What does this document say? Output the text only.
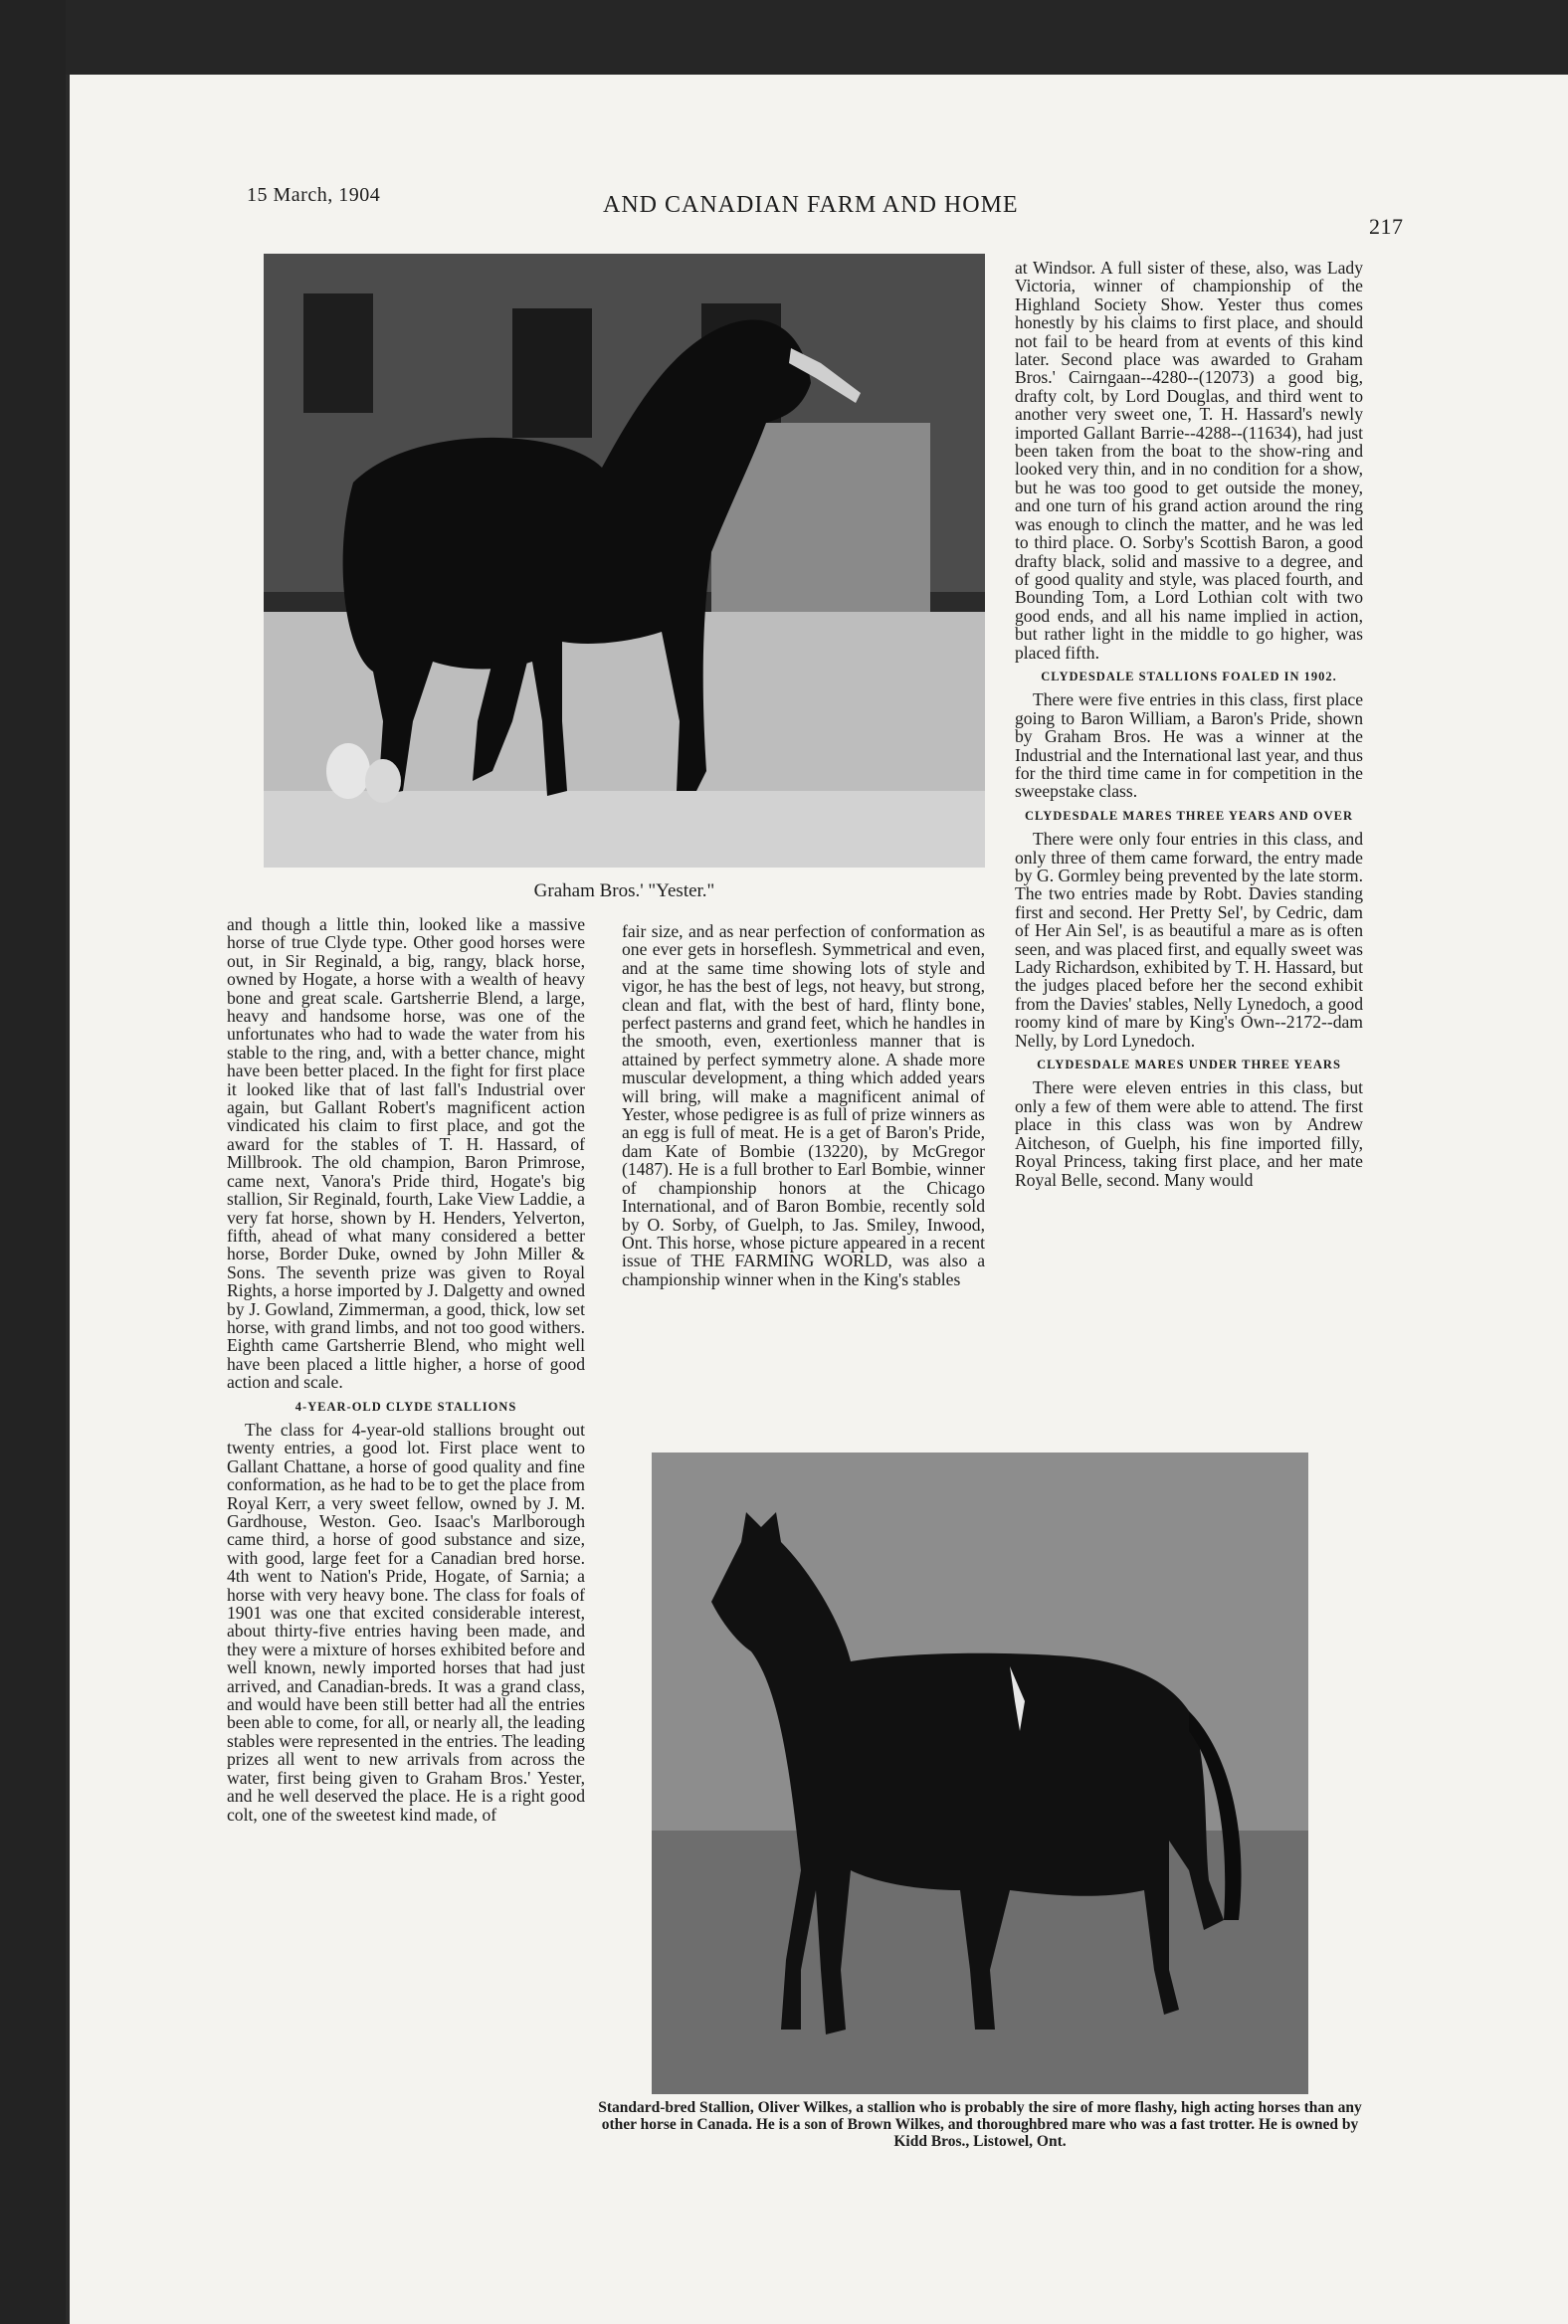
15 March, 1904	AND CANADIAN FARM AND HOME
217
Graham Bros.' "Yester."

at Windsor. A full sister of these, also, was Lady Victoria, winner of championship of the Highland Society Show. Yester thus comes honestly by his claims to first place, and should not fail to be heard from at events of this kind later. Second place was awarded to Graham Bros.' Cairngaan--4280--(12073) a good big, drafty colt, by Lord Douglas, and third went to another very sweet one, T. H. Hassard's newly imported Gallant Barrie--4288--(11634), had just been taken from the boat to the show-ring and looked very thin, and in no condition for a show, but he was too good to get outside the money, and one turn of his grand action around the ring was enough to clinch the matter, and he was led to third place. O. Sorby's Scottish Baron, a good drafty black, solid and massive to a degree, and of good quality and style, was placed fourth, and Bounding Tom, a Lord Lothian colt with two good ends, and all his name implied in action, but rather light in the middle to go higher, was placed fifth.

CLYDESDALE STALLIONS FOALED IN 1902.

There were five entries in this class, first place going to Baron William, a Baron's Pride, shown by Graham Bros. He was a winner at the Industrial and the International last year, and thus for the third time came in for competition in the sweepstake class.

CLYDESDALE MARES THREE YEARS AND OVER

There were only four entries in this class, and only three of them came forward, the entry made by G. Gormley being prevented by the late storm. The two entries made by Robt. Davies standing first and second. Her Pretty Sel', by Cedric, dam of Her Ain Sel', is as beautiful a mare as is often seen, and was placed first, and equally sweet was Lady Richardson, exhibited by T. H. Hassard, but the judges placed before her the second exhibit from the Davies' stables, Nelly Lynedoch, a good roomy kind of mare by King's Own--2172--dam Nelly, by Lord Lynedoch.

CLYDESDALE MARES UNDER THREE YEARS

There were eleven entries in this class, but only a few of them were able to attend. The first place in this class was won by Andrew Aitcheson, of Guelph, his fine imported filly, Royal Princess, taking first place, and her mate Royal Belle, second. Many would

and though a little thin, looked like a massive horse of true Clyde type. Other good horses were out, in Sir Reginald, a big, rangy, black horse, owned by Hogate, a horse with a wealth of heavy bone and great scale. Gartsherrie Blend, a large, heavy and handsome horse, was one of the unfortunates who had to wade the water from his stable to the ring, and, with a better chance, might have been better placed. In the fight for first place it looked like that of last fall's Industrial over again, but Gallant Robert's magnificent action vindicated his claim to first place, and got the award for the stables of T. H. Hassard, of Millbrook. The old champion, Baron Primrose, came next, Vanora's Pride third, Hogate's big stallion, Sir Reginald, fourth, Lake View Laddie, a very fat horse, shown by H. Henders, Yelverton, fifth, ahead of what many considered a better horse, Border Duke, owned by John Miller & Sons. The seventh prize was given to Royal Rights, a horse imported by J. Dalgetty and owned by J. Gowland, Zimmerman, a good, thick, low set horse, with grand limbs, and not too good withers. Eighth came Gartsherrie Blend, who might well have been placed a little higher, a horse of good action and scale.

4-YEAR-OLD CLYDE STALLIONS

The class for 4-year-old stallions brought out twenty entries, a good lot. First place went to Gallant Chattane, a horse of good quality and fine conformation, as he had to be to get the place from Royal Kerr, a very sweet fellow, owned by J. M. Gardhouse, Weston. Geo. Isaac's Marlborough came third, a horse of good substance and size, with good, large feet for a Canadian bred horse. 4th went to Nation's Pride, Hogate, of Sarnia; a horse with very heavy bone. The class for foals of 1901 was one that excited considerable interest, about thirty-five entries having been made, and they were a mixture of horses exhibited before and well known, newly imported horses that had just arrived, and Canadian-breds. It was a grand class, and would have been still better had all the entries been able to come, for all, or nearly all, the leading stables were represented in the entries. The leading prizes all went to new arrivals from across the water, first being given to Graham Bros.' Yester, and he well deserved the place. He is a right good colt, one of the sweetest kind made, of

fair size, and as near perfection of conformation as one ever gets in horseflesh. Symmetrical and even, and at the same time showing lots of style and vigor, he has the best of legs, not heavy, but strong, clean and flat, with the best of hard, flinty bone, perfect pasterns and grand feet, which he handles in the smooth, even, exertionless manner that is attained by perfect symmetry alone. A shade more muscular development, a thing which added years will bring, will make a magnificent animal of Yester, whose pedigree is as full of prize winners as an egg is full of meat. He is a get of Baron's Pride, dam Kate of Bombie (13220), by McGregor (1487). He is a full brother to Earl Bombie, winner of championship honors at the Chicago International, and of Baron Bombie, recently sold by O. Sorby, of Guelph, to Jas. Smiley, Inwood, Ont. This horse, whose picture appeared in a recent issue of THE FARMING WORLD, was also a championship winner when in the King's stables

Standard-bred Stallion, Oliver Wilkes, a stallion who is probably the sire of more flashy, high acting horses than any other horse in Canada. He is a son of Brown Wilkes, and thoroughbred mare who was a fast trotter. He is owned by Kidd Bros., Listowel, Ont.
